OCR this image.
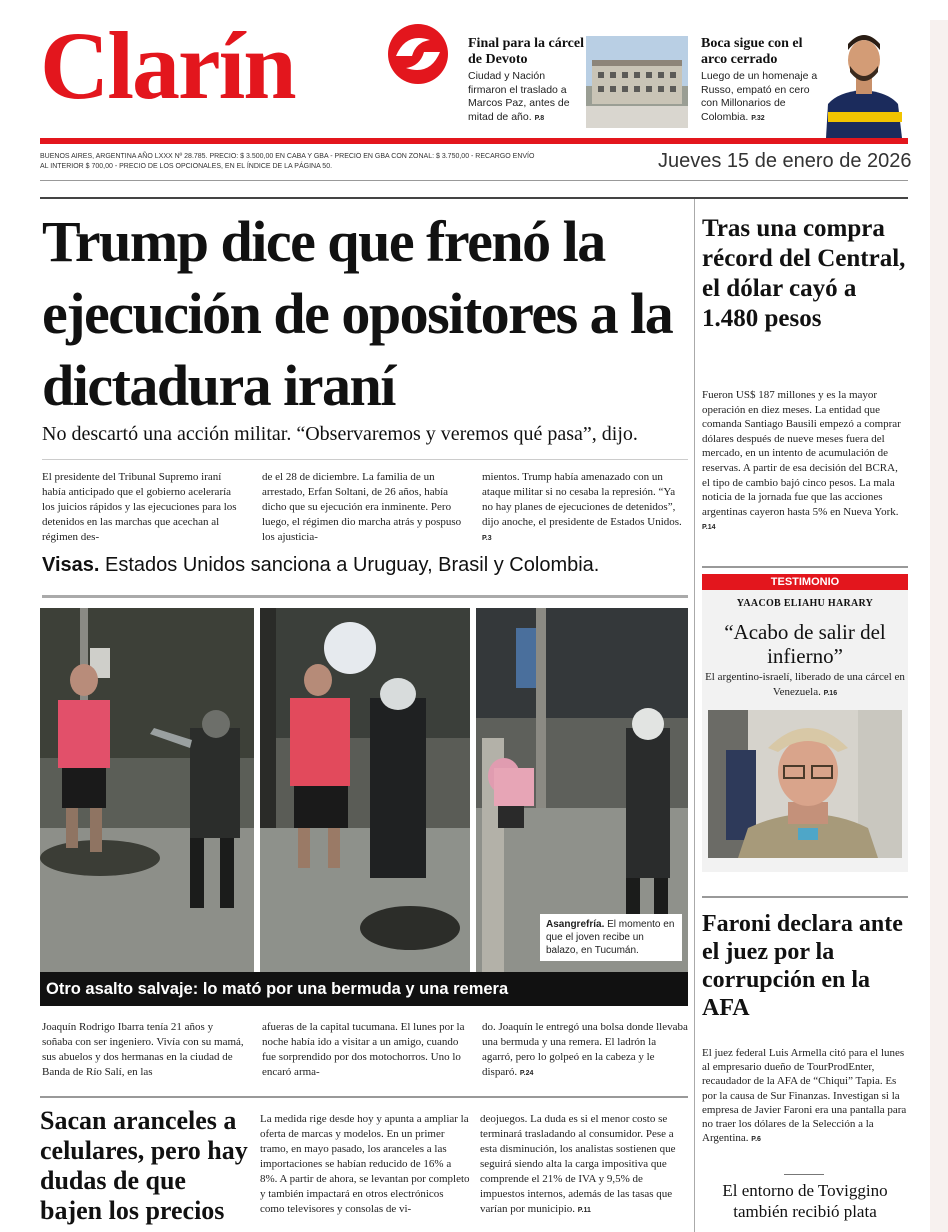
Clarín	Final para la cárcel de Devoto
Ciudad y Nación firmaron el traslado a Marcos Paz, antes de mitad de año. P.8
Boca sigue con el arco cerrado
Luego de un homenaje a Russo, empató en cero con Millonarios de Colombia. P.32
BUENOS AIRES, ARGENTINA AÑO LXXX Nº 28.785. PRECIO: $ 3.500,00 EN CABA Y GBA - PRECIO EN GBA CON ZONAL: $ 3.750,00 - RECARGO ENVÍO AL INTERIOR $ 700,00 - PRECIO DE LOS OPCIONALES, EN EL ÍNDICE DE LA PÁGINA 50.	Jueves 15 de enero de 2026
Trump dice que frenó la ejecución de opositores a la dictadura iraní
No descartó una acción militar. “Observaremos y veremos qué pasa”, dijo.
El presidente del Tribunal Supremo iraní había anticipado que el gobierno aceleraría los juicios rápidos y las ejecuciones para los detenidos en las marchas que acechan al régimen des-
de el 28 de diciembre. La familia de un arrestado, Erfan Soltani, de 26 años, había dicho que su ejecución era inminente. Pero luego, el régimen dio marcha atrás y pospuso los ajusticia-
mientos. Trump había amenazado con un ataque militar si no cesaba la represión. “Ya no hay planes de ejecuciones de detenidos”, dijo anoche, el presidente de Estados Unidos. P.3
Visas. Estados Unidos sanciona a Uruguay, Brasil y Colombia.
Asangrefría. El momento en que el joven recibe un balazo, en Tucumán.
Otro asalto salvaje: lo mató por una bermuda y una remera
Joaquín Rodrigo Ibarra tenía 21 años y soñaba con ser ingeniero. Vivía con su mamá, sus abuelos y dos hermanas en la ciudad de Banda de Río Salí, en las
afueras de la capital tucumana. El lunes por la noche había ido a visitar a un amigo, cuando fue sorprendido por dos motochorros. Uno lo encaró arma-
do. Joaquín le entregó una bolsa donde llevaba una bermuda y una remera. El ladrón la agarró, pero lo golpeó en la cabeza y le disparó. P.24
Sacan aranceles a celulares, pero hay dudas de que bajen los precios
La medida rige desde hoy y apunta a ampliar la oferta de marcas y modelos. En un primer tramo, en mayo pasado, los aranceles a las importaciones se habían reducido de 16% a 8%. A partir de ahora, se levantan por completo y también impactará en otros electrónicos como televisores y consolas de vi-
deojuegos. La duda es si el menor costo se terminará trasladando al consumidor. Pese a esta disminución, los analistas sostienen que seguirá siendo alta la carga impositiva que comprende el 21% de IVA y 9,5% de impuestos internos, además de las tasas que varían por municipio. P.11
Tras una compra récord del Central, el dólar cayó a 1.480 pesos
Fueron US$ 187 millones y es la mayor operación en diez meses. La entidad que comanda Santiago Bausili empezó a comprar dólares después de nueve meses fuera del mercado, en un intento de acumulación de reservas. A partir de esa decisión del BCRA, el tipo de cambio bajó cinco pesos. La mala noticia de la jornada fue que las acciones argentinas cayeron hasta 5% en Nueva York. P.14
TESTIMONIO
YAACOB ELIAHU HARARY
“Acabo de salir del infierno”
El argentino-israelí, liberado de una cárcel en Venezuela. P.16
Faroni declara ante el juez por la corrupción en la AFA
El juez federal Luis Armella citó para el lunes al empresario dueño de TourProdEnter, recaudador de la AFA de “Chiqui” Tapia. Es por la causa de Sur Finanzas. Investigan si la empresa de Javier Faroni era una pantalla para no traer los dólares de la Selección a la Argentina. P.6
El entorno de Toviggino también recibió plata
